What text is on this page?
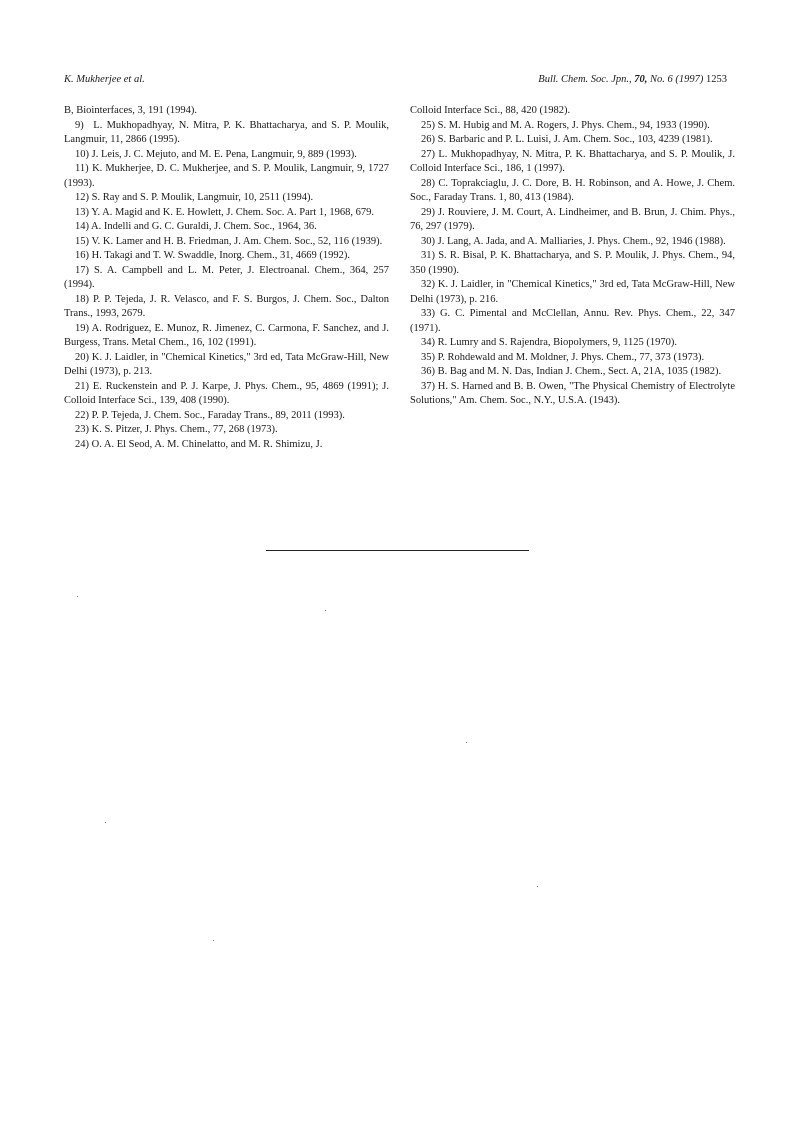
K. Mukherjee et al.	Bull. Chem. Soc. Jpn., 70, No. 6 (1997) 1253

B, Biointerfaces, 3, 191 (1994).

9) L. Mukhopadhyay, N. Mitra, P. K. Bhattacharya, and S. P. Moulik, Langmuir, 11, 2866 (1995).

10) J. Leis, J. C. Mejuto, and M. E. Pena, Langmuir, 9, 889 (1993).

11) K. Mukherjee, D. C. Mukherjee, and S. P. Moulik, Langmuir, 9, 1727 (1993).

12) S. Ray and S. P. Moulik, Langmuir, 10, 2511 (1994).

13) Y. A. Magid and K. E. Howlett, J. Chem. Soc. A. Part 1, 1968, 679.

14) A. Indelli and G. C. Guraldi, J. Chem. Soc., 1964, 36.

15) V. K. Lamer and H. B. Friedman, J. Am. Chem. Soc., 52, 116 (1939).

16) H. Takagi and T. W. Swaddle, Inorg. Chem., 31, 4669 (1992).

17) S. A. Campbell and L. M. Peter, J. Electroanal. Chem., 364, 257 (1994).

18) P. P. Tejeda, J. R. Velasco, and F. S. Burgos, J. Chem. Soc., Dalton Trans., 1993, 2679.

19) A. Rodriguez, E. Munoz, R. Jimenez, C. Carmona, F. Sanchez, and J. Burgess, Trans. Metal Chem., 16, 102 (1991).

20) K. J. Laidler, in "Chemical Kinetics," 3rd ed, Tata McGraw-Hill, New Delhi (1973), p. 213.

21) E. Ruckenstein and P. J. Karpe, J. Phys. Chem., 95, 4869 (1991); J. Colloid Interface Sci., 139, 408 (1990).

22) P. P. Tejeda, J. Chem. Soc., Faraday Trans., 89, 2011 (1993).

23) K. S. Pitzer, J. Phys. Chem., 77, 268 (1973).

24) O. A. El Seod, A. M. Chinelatto, and M. R. Shimizu, J.

Colloid Interface Sci., 88, 420 (1982).

25) S. M. Hubig and M. A. Rogers, J. Phys. Chem., 94, 1933 (1990).

26) S. Barbaric and P. L. Luisi, J. Am. Chem. Soc., 103, 4239 (1981).

27) L. Mukhopadhyay, N. Mitra, P. K. Bhattacharya, and S. P. Moulik, J. Colloid Interface Sci., 186, 1 (1997).

28) C. Toprakciaglu, J. C. Dore, B. H. Robinson, and A. Howe, J. Chem. Soc., Faraday Trans. 1, 80, 413 (1984).

29) J. Rouviere, J. M. Court, A. Lindheimer, and B. Brun, J. Chim. Phys., 76, 297 (1979).

30) J. Lang, A. Jada, and A. Malliaries, J. Phys. Chem., 92, 1946 (1988).

31) S. R. Bisal, P. K. Bhattacharya, and S. P. Moulik, J. Phys. Chem., 94, 350 (1990).

32) K. J. Laidler, in "Chemical Kinetics," 3rd ed, Tata McGraw-Hill, New Delhi (1973), p. 216.

33) G. C. Pimental and McClellan, Annu. Rev. Phys. Chem., 22, 347 (1971).

34) R. Lumry and S. Rajendra, Biopolymers, 9, 1125 (1970).

35) P. Rohdewald and M. Moldner, J. Phys. Chem., 77, 373 (1973).

36) B. Bag and M. N. Das, Indian J. Chem., Sect. A, 21A, 1035 (1982).

37) H. S. Harned and B. B. Owen, "The Physical Chemistry of Electrolyte Solutions," Am. Chem. Soc., N.Y., U.S.A. (1943).
